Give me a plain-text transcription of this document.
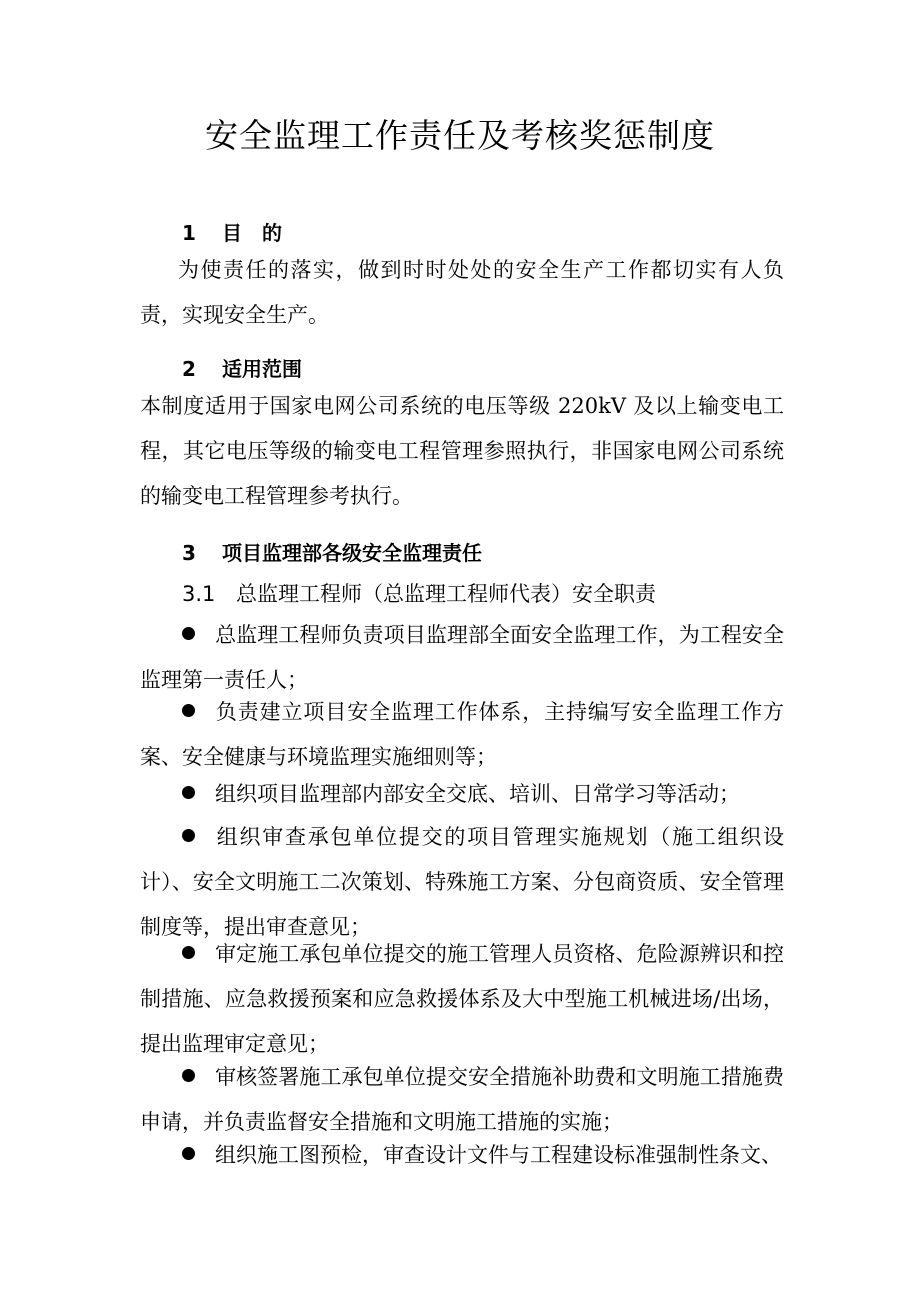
安全监理工作责任及考核奖惩制度
1 目　的

为使责任的落实，做到时时处处的安全生产工作都切实有人负责，实现安全生产。

2 适用范围

本制度适用于国家电网公司系统的电压等级 220kV 及以上输变电工程，其它电压等级的输变电工程管理参照执行，非国家电网公司系统的输变电工程管理参考执行。

3 项目监理部各级安全监理责任
3.1 总监理工程师（总监理工程师代表）安全职责

总监理工程师负责项目监理部全面安全监理工作，为工程安全监理第一责任人；

负责建立项目安全监理工作体系，主持编写安全监理工作方案、安全健康与环境监理实施细则等；

组织项目监理部内部安全交底、培训、日常学习等活动；

组织审查承包单位提交的项目管理实施规划（施工组织设计）、安全文明施工二次策划、特殊施工方案、分包商资质、安全管理制度等，提出审查意见；

审定施工承包单位提交的施工管理人员资格、危险源辨识和控制措施、应急救援预案和应急救援体系及大中型施工机械进场/出场，提出监理审定意见；

审核签署施工承包单位提交安全措施补助费和文明施工措施费申请，并负责监督安全措施和文明施工措施的实施；

组织施工图预检，审查设计文件与工程建设标准强制性条文、
